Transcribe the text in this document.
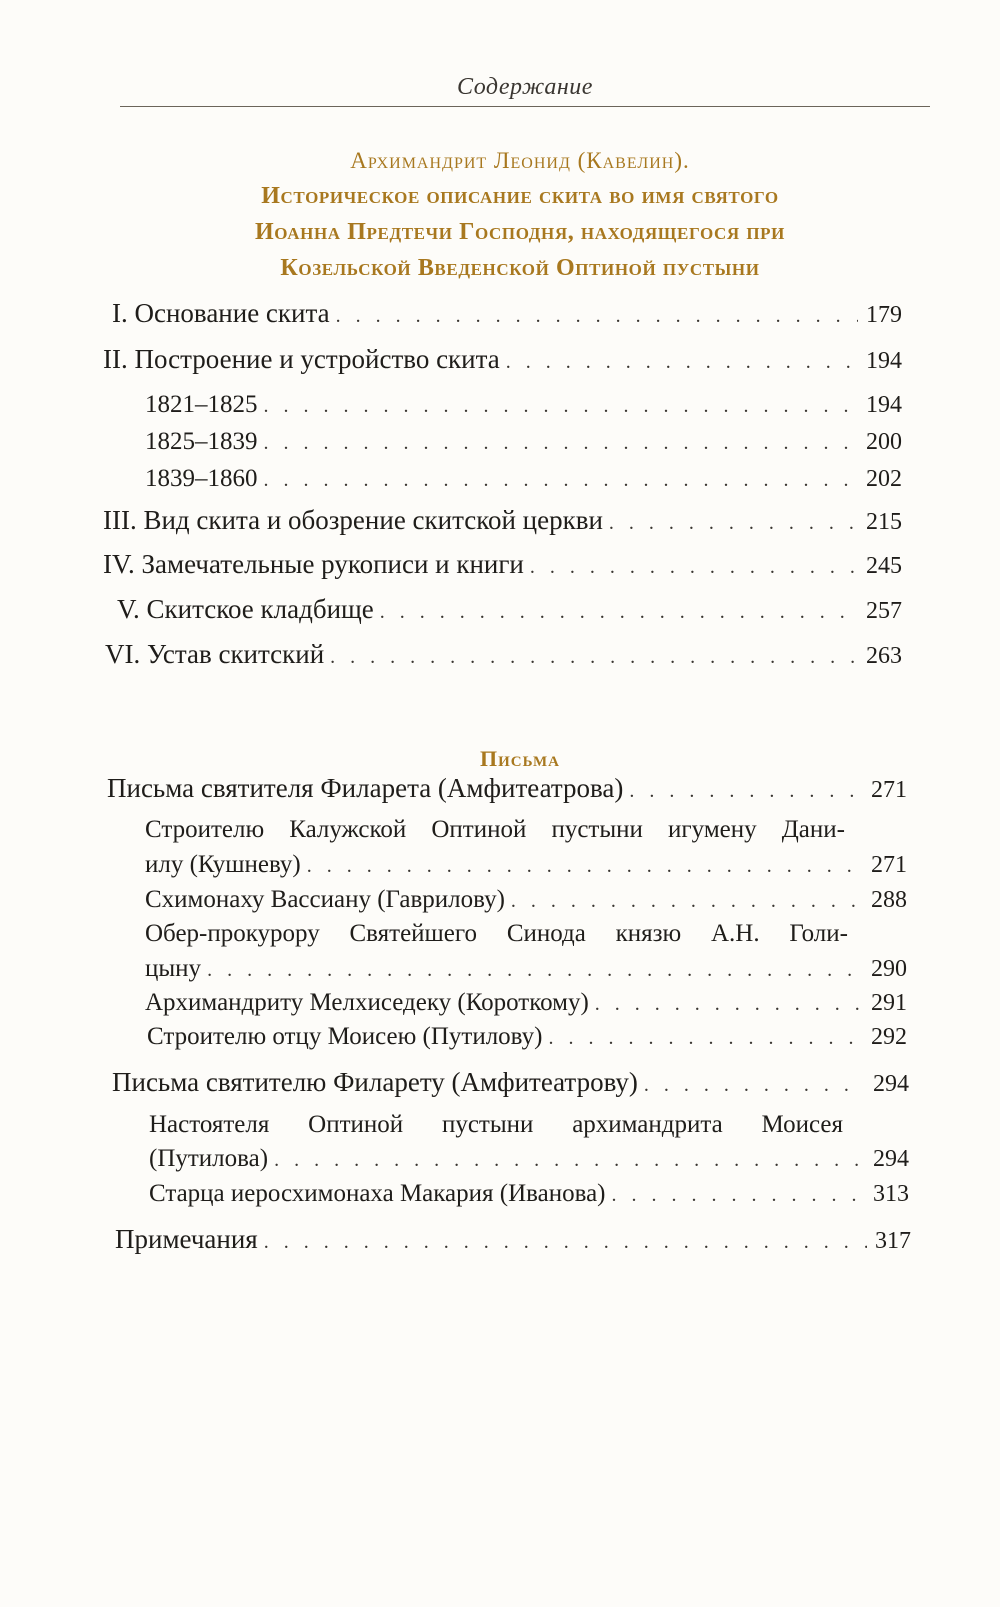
Содержание
Архимандрит Леонид (Кавелин).
Историческое описание скита во имя святого
Иоанна Предтечи Господня, находящегося при
Козельской Введенской Оптиной пустыни
I. Основание скита . . .	179
II. Построение и устройство скита . . .	194
1821–1825 . . .	194
1825–1839 . . .	200
1839–1860 . . .	202
III. Вид скита и обозрение скитской церкви . . .	215
IV. Замечательные рукописи и книги . . .	245
V. Скитское кладбище . . .	257
VI. Устав скитский . . .	263
Письма
Письма святителя Филарета (Амфитеатрова) . . .	271
Строителю Калужской Оптиной пустыни игумену Дани-
илу (Кушневу) . . .	271
Схимонаху Вассиану (Гаврилову) . . .	288
Обер-прокурору Святейшего Синода князю А.Н. Голи-
цыну . . .	290
Архимандриту Мелхиседеку (Короткому) . . .	291
Строителю отцу Моисею (Путилову) . . .	292
Письма святителю Филарету (Амфитеатрову) . . .	294
Настоятеля Оптиной пустыни архимандрита Моисея
(Путилова) . . .	294
Старца иеросхимонаха Макария (Иванова) . . .	313
Примечания . . .	317
